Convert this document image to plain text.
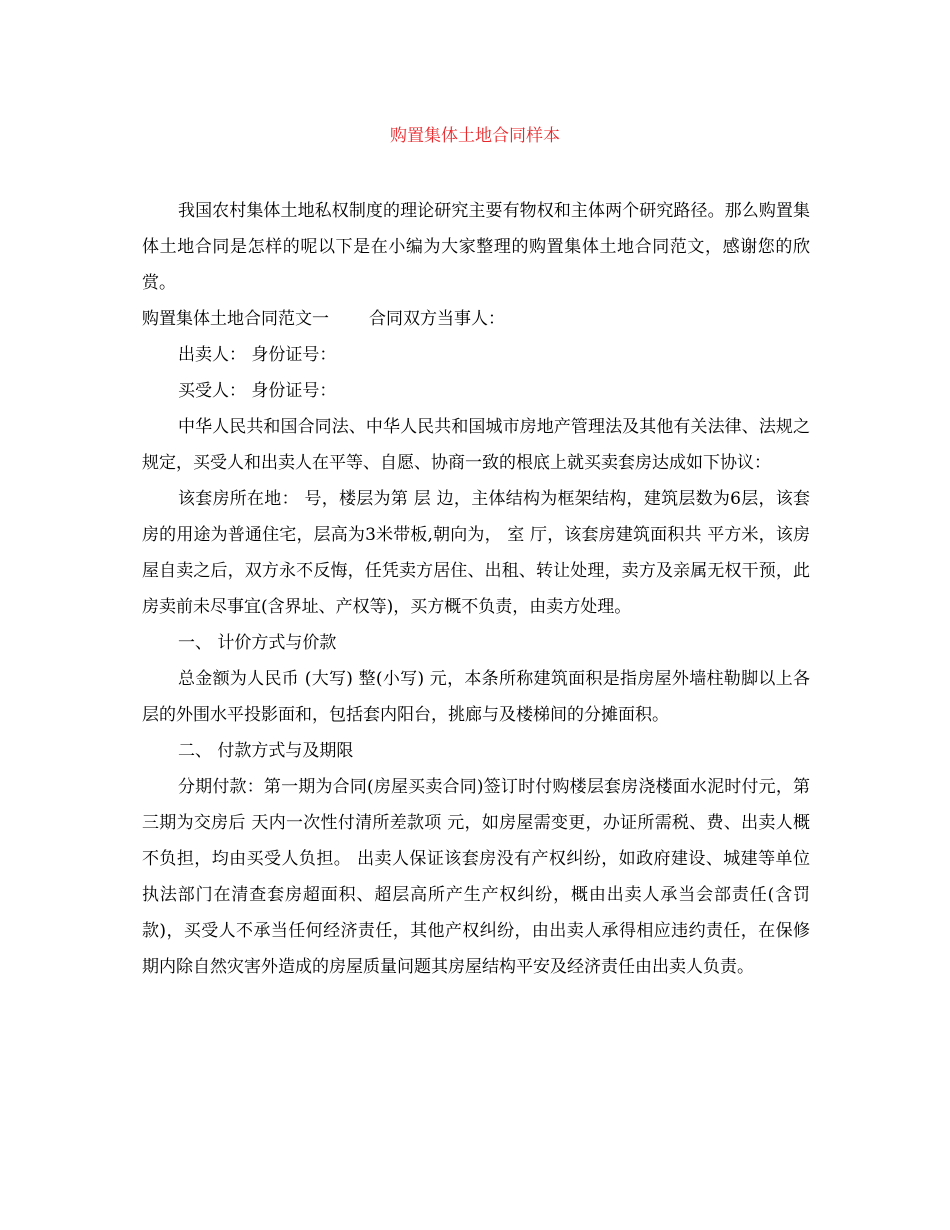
购置集体土地合同样本

我国农村集体土地私权制度的理论研究主要有物权和主体两个研究路径。那么购置集体土地合同是怎样的呢以下是在小编为大家整理的购置集体土地合同范文，感谢您的欣赏。

购置集体土地合同范文一 合同双方当事人：

出卖人： 身份证号：

买受人： 身份证号：

中华人民共和国合同法、中华人民共和国城市房地产管理法及其他有关法律、法规之规定，买受人和出卖人在平等、自愿、协商一致的根底上就买卖套房达成如下协议：

该套房所在地： 号，楼层为第 层 边，主体结构为框架结构，建筑层数为6层，该套房的用途为普通住宅，层高为3米带板,朝向为， 室 厅，该套房建筑面积共 平方米，该房屋自卖之后，双方永不反悔，任凭卖方居住、出租、转让处理，卖方及亲属无权干预，此房卖前未尽事宜(含界址、产权等)，买方概不负责，由卖方处理。

一、 计价方式与价款

总金额为人民币 (大写) 整(小写) 元，本条所称建筑面积是指房屋外墙柱勒脚以上各层的外围水平投影面和，包括套内阳台，挑廊与及楼梯间的分摊面积。

二、 付款方式与及期限

分期付款：第一期为合同(房屋买卖合同)签订时付购楼层套房浇楼面水泥时付元，第三期为交房后 天内一次性付清所差款项 元，如房屋需变更，办证所需税、费、出卖人概不负担，均由买受人负担。 出卖人保证该套房没有产权纠纷，如政府建设、城建等单位执法部门在清查套房超面积、超层高所产生产权纠纷，概由出卖人承当会部责任(含罚款)，买受人不承当任何经济责任，其他产权纠纷，由出卖人承得相应违约责任，在保修期内除自然灾害外造成的房屋质量问题其房屋结构平安及经济责任由出卖人负责。
